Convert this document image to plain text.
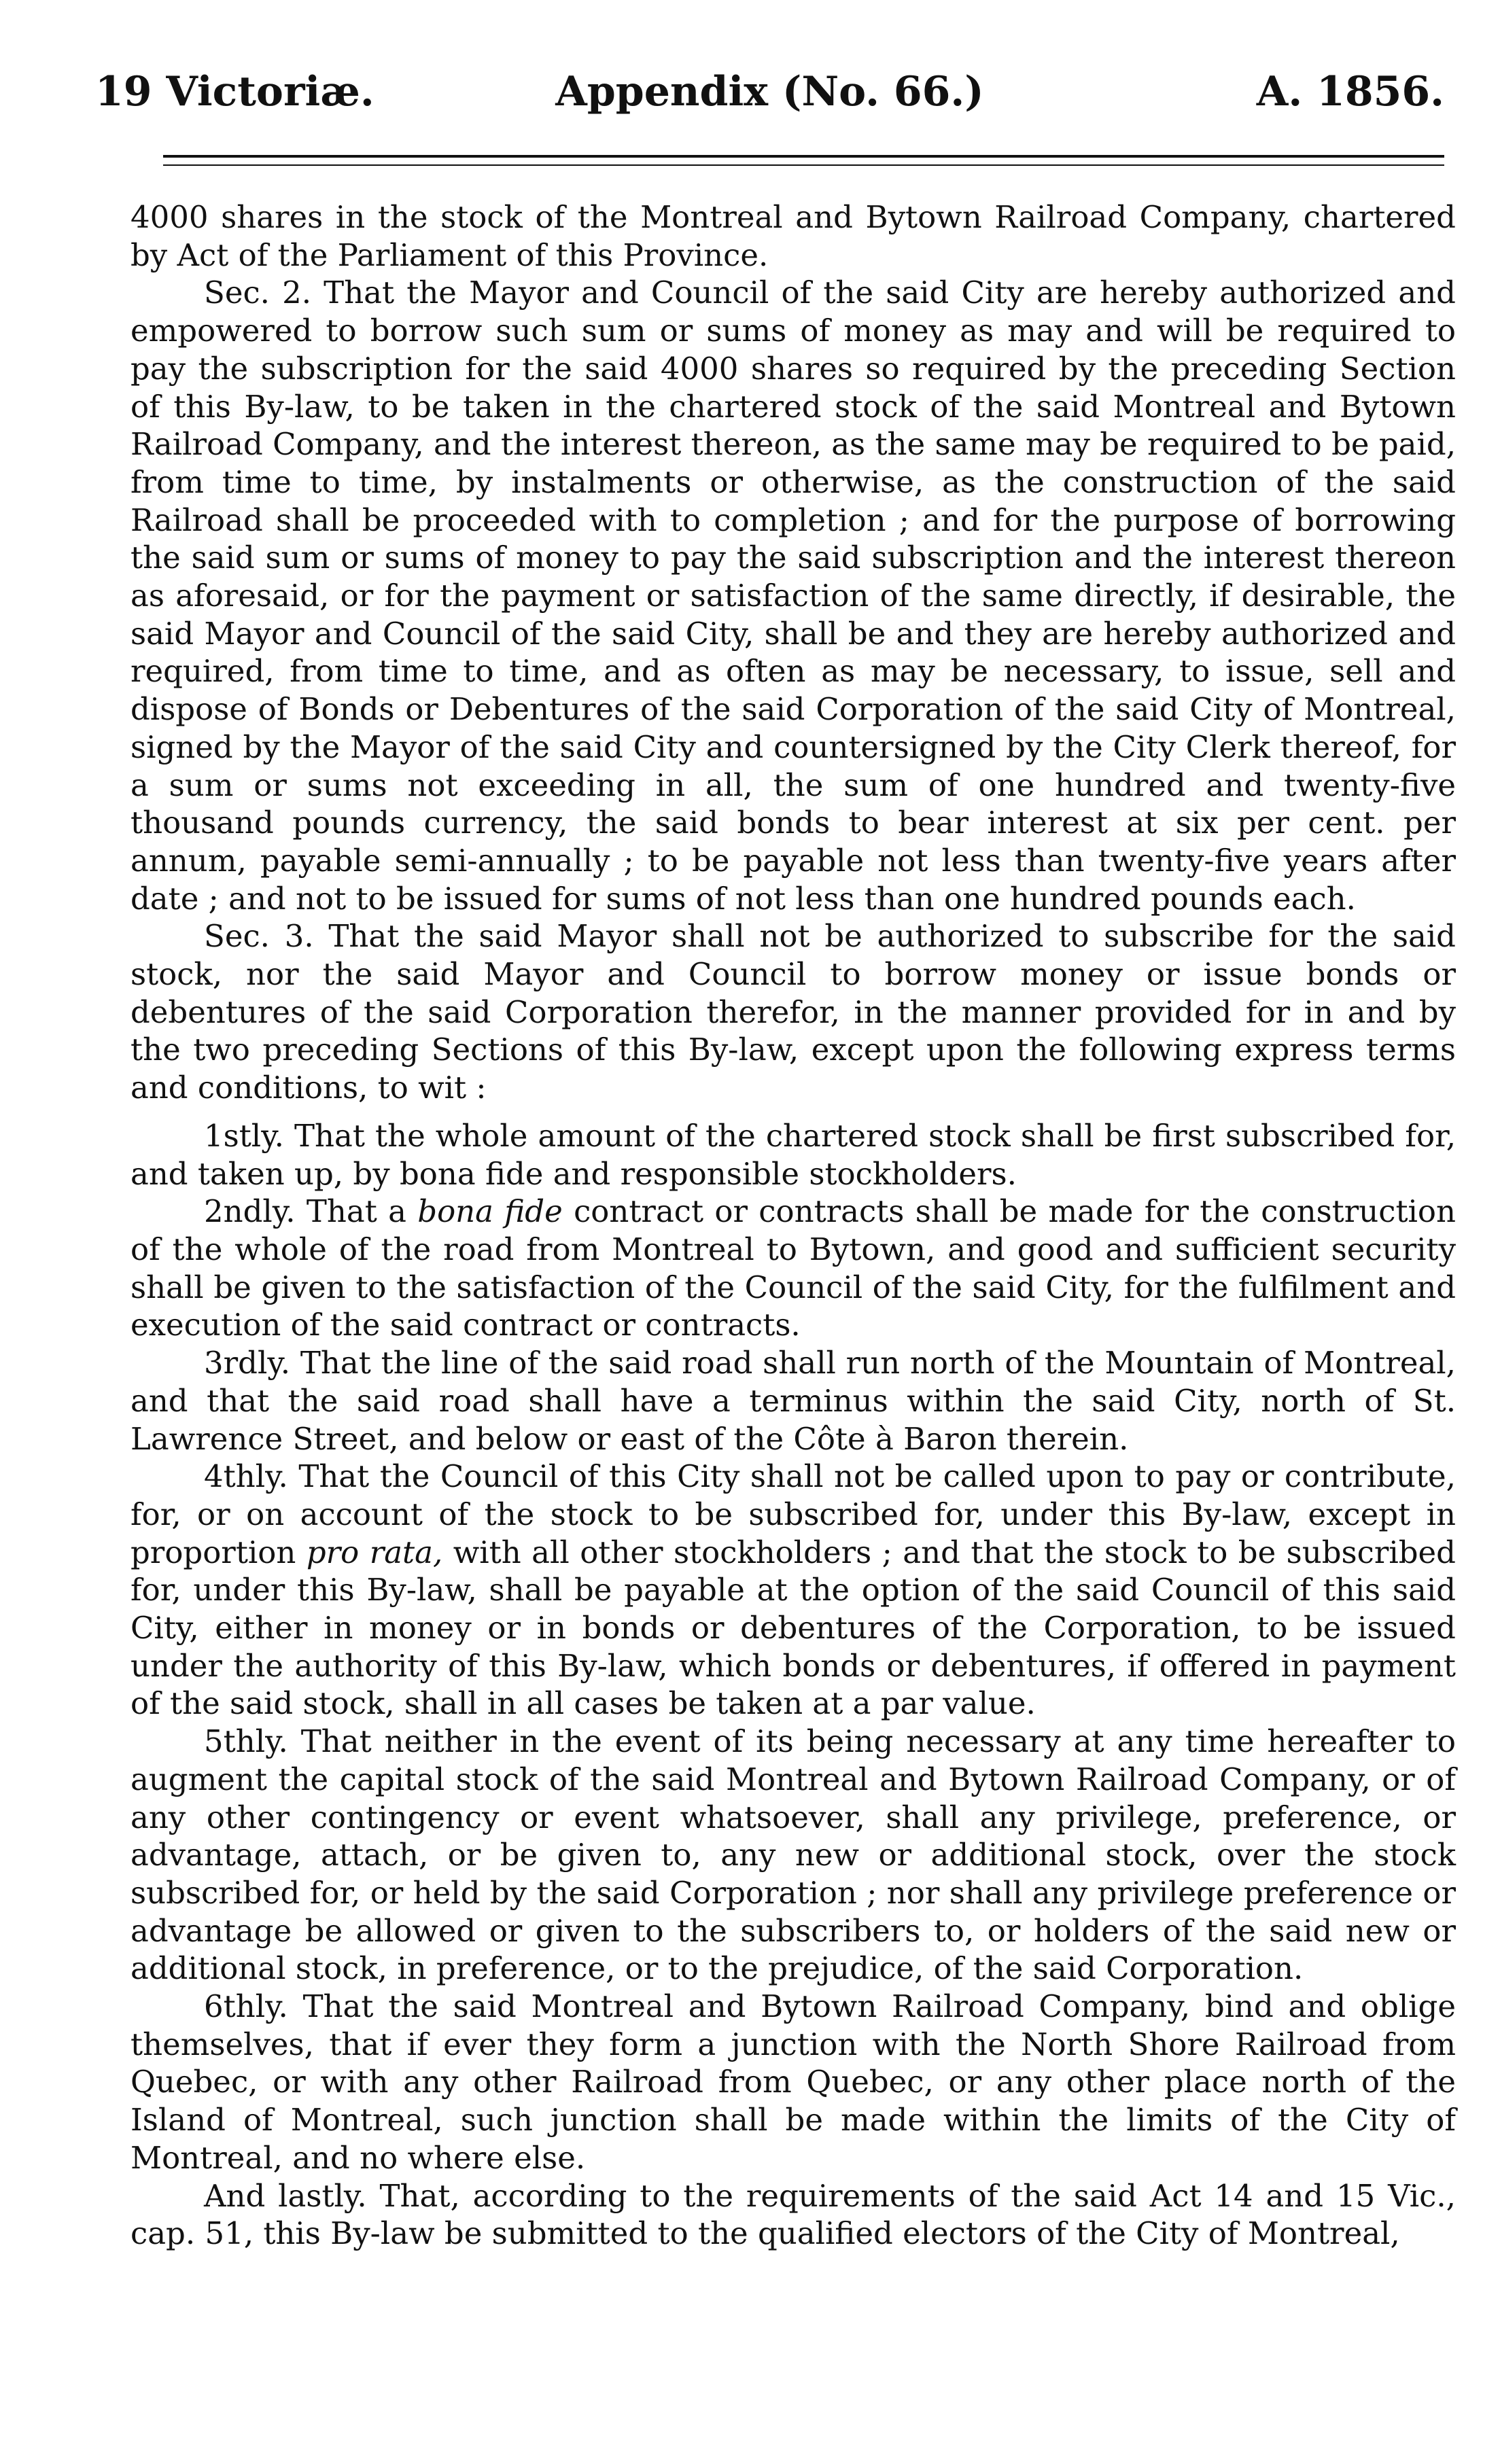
19 Victoriæ.	Appendix (No. 66.)	A. 1856.

4000 shares in the stock of the Montreal and Bytown Railroad Company, chartered by Act of the Parliament of this Province.

Sec. 2. That the Mayor and Council of the said City are hereby authorized and empowered to borrow such sum or sums of money as may and will be required to pay the subscription for the said 4000 shares so required by the preceding Section of this By-law, to be taken in the chartered stock of the said Montreal and Bytown Railroad Company, and the interest thereon, as the same may be required to be paid, from time to time, by instalments or otherwise, as the construction of the said Railroad shall be proceeded with to completion ; and for the purpose of borrowing the said sum or sums of money to pay the said subscription and the interest thereon as aforesaid, or for the payment or satisfaction of the same directly, if desirable, the said Mayor and Council of the said City, shall be and they are hereby authorized and required, from time to time, and as often as may be necessary, to issue, sell and dispose of Bonds or Debentures of the said Corporation of the said City of Montreal, signed by the Mayor of the said City and countersigned by the City Clerk thereof, for a sum or sums not exceeding in all, the sum of one hundred and twenty-five thousand pounds currency, the said bonds to bear interest at six per cent. per annum, payable semi-annually ; to be payable not less than twenty-five years after date ; and not to be issued for sums of not less than one hundred pounds each.

Sec. 3. That the said Mayor shall not be authorized to subscribe for the said stock, nor the said Mayor and Council to borrow money or issue bonds or debentures of the said Corporation therefor, in the manner provided for in and by the two preceding Sections of this By-law, except upon the following express terms and conditions, to wit :

1stly. That the whole amount of the chartered stock shall be first subscribed for, and taken up, by bona fide and responsible stockholders.

2ndly. That a bona fide contract or contracts shall be made for the construction of the whole of the road from Montreal to Bytown, and good and sufficient security shall be given to the satisfaction of the Council of the said City, for the fulfilment and execution of the said contract or contracts.

3rdly. That the line of the said road shall run north of the Mountain of Montreal, and that the said road shall have a terminus within the said City, north of St. Lawrence Street, and below or east of the Côte à Baron therein.

4thly. That the Council of this City shall not be called upon to pay or contribute, for, or on account of the stock to be subscribed for, under this By-law, except in proportion pro rata, with all other stockholders ; and that the stock to be subscribed for, under this By-law, shall be payable at the option of the said Council of this said City, either in money or in bonds or debentures of the Corporation, to be issued under the authority of this By-law, which bonds or debentures, if offered in payment of the said stock, shall in all cases be taken at a par value.

5thly. That neither in the event of its being necessary at any time hereafter to augment the capital stock of the said Montreal and Bytown Railroad Company, or of any other contingency or event whatsoever, shall any privilege, preference, or advantage, attach, or be given to, any new or additional stock, over the stock subscribed for, or held by the said Corporation ; nor shall any privilege preference or advantage be allowed or given to the subscribers to, or holders of the said new or additional stock, in preference, or to the prejudice, of the said Corporation.

6thly. That the said Montreal and Bytown Railroad Company, bind and oblige themselves, that if ever they form a junction with the North Shore Railroad from Quebec, or with any other Railroad from Quebec, or any other place north of the Island of Montreal, such junction shall be made within the limits of the City of Montreal, and no where else.

And lastly. That, according to the requirements of the said Act 14 and 15 Vic., cap. 51, this By-law be submitted to the qualified electors of the City of Montreal,
